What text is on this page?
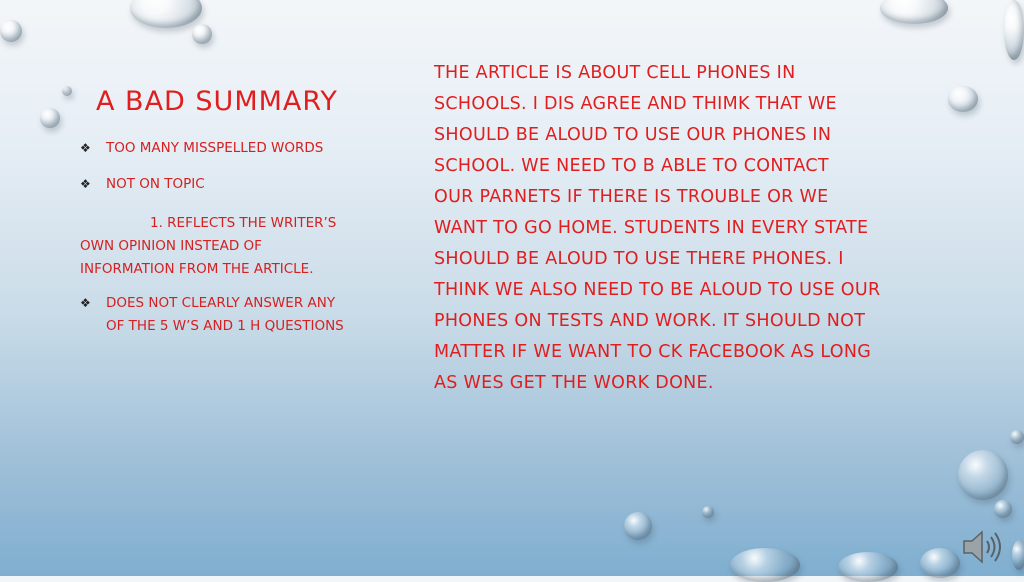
A BAD SUMMARY
❖ TOO MANY MISSPELLED WORDS
❖ NOT ON TOPIC
1. REFLECTS THE WRITER’S
OWN OPINION INSTEAD OF
INFORMATION FROM THE ARTICLE.
❖ DOES NOT CLEARLY ANSWER ANY
OF THE 5 W’S AND 1 H QUESTIONS
THE ARTICLE IS ABOUT CELL PHONES IN
SCHOOLS. I DIS AGREE AND THIMK THAT WE
SHOULD BE ALOUD TO USE OUR PHONES IN
SCHOOL. WE NEED TO B ABLE TO CONTACT
OUR PARNETS IF THERE IS TROUBLE OR WE
WANT TO GO HOME. STUDENTS IN EVERY STATE
SHOULD BE ALOUD TO USE THERE PHONES. I
THINK WE ALSO NEED TO BE ALOUD TO USE OUR
PHONES ON TESTS AND WORK. IT SHOULD NOT
MATTER IF WE WANT TO CK FACEBOOK AS LONG
AS WES GET THE WORK DONE.
